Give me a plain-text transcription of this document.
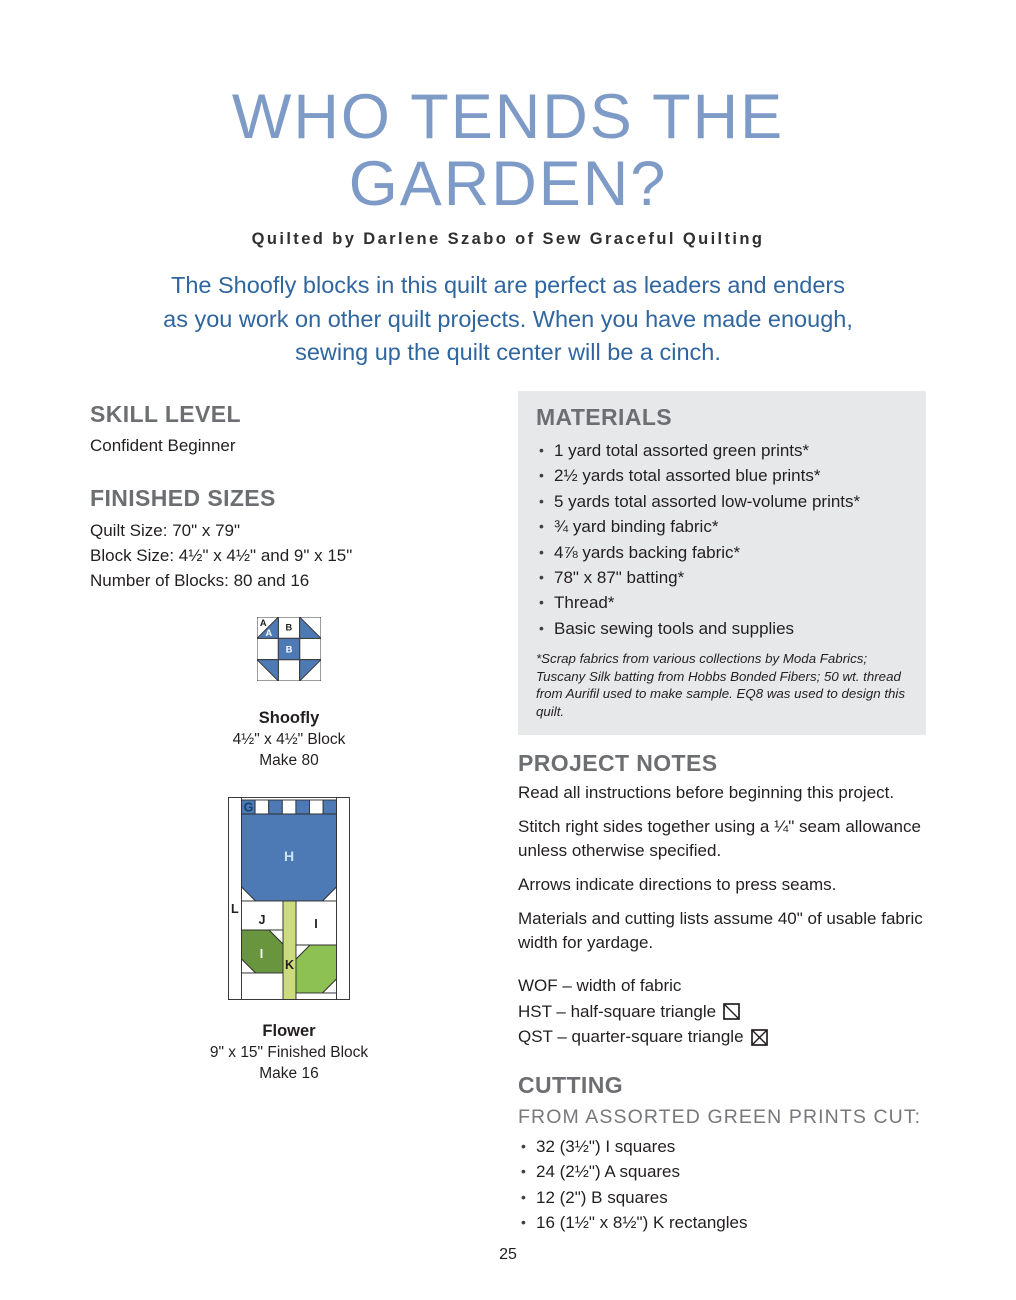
WHO TENDS THE
GARDEN?
Quilted by Darlene Szabo of Sew Graceful Quilting

The Shoofly blocks in this quilt are perfect as leaders and enders as you work on other quilt projects. When you have made enough, sewing up the quilt center will be a cinch.

SKILL LEVEL
Confident Beginner
FINISHED SIZES
Quilt Size: 70" x 79"
Block Size: 4½" x 4½" and 9" x 15"
Number of Blocks: 80 and 16
A
A
B
B
Shoofly
4½" x 4½" Block
Make 80
G
H
L
J	I
I
K
Flower
9" x 15" Finished Block
Make 16
MATERIALS
• 1 yard total assorted green prints*
• 2½ yards total assorted blue prints*
• 5 yards total assorted low-volume prints*
• ¾ yard binding fabric*
• 4⅞ yards backing fabric*
• 78" x 87" batting*
• Thread*
• Basic sewing tools and supplies
*Scrap fabrics from various collections by Moda Fabrics; Tuscany Silk batting from Hobbs Bonded Fibers; 50 wt. thread from Aurifil used to make sample. EQ8 was used to design this quilt.
PROJECT NOTES

Read all instructions before beginning this project.

Stitch right sides together using a ¼" seam allowance unless otherwise specified.

Arrows indicate directions to press seams.

Materials and cutting lists assume 40" of usable fabric width for yardage.

WOF – width of fabric
HST – half-square triangle
QST – quarter-square triangle
CUTTING
FROM ASSORTED GREEN PRINTS CUT:
• 32 (3½") I squares
• 24 (2½") A squares
• 12 (2") B squares
• 16 (1½" x 8½") K rectangles
25
